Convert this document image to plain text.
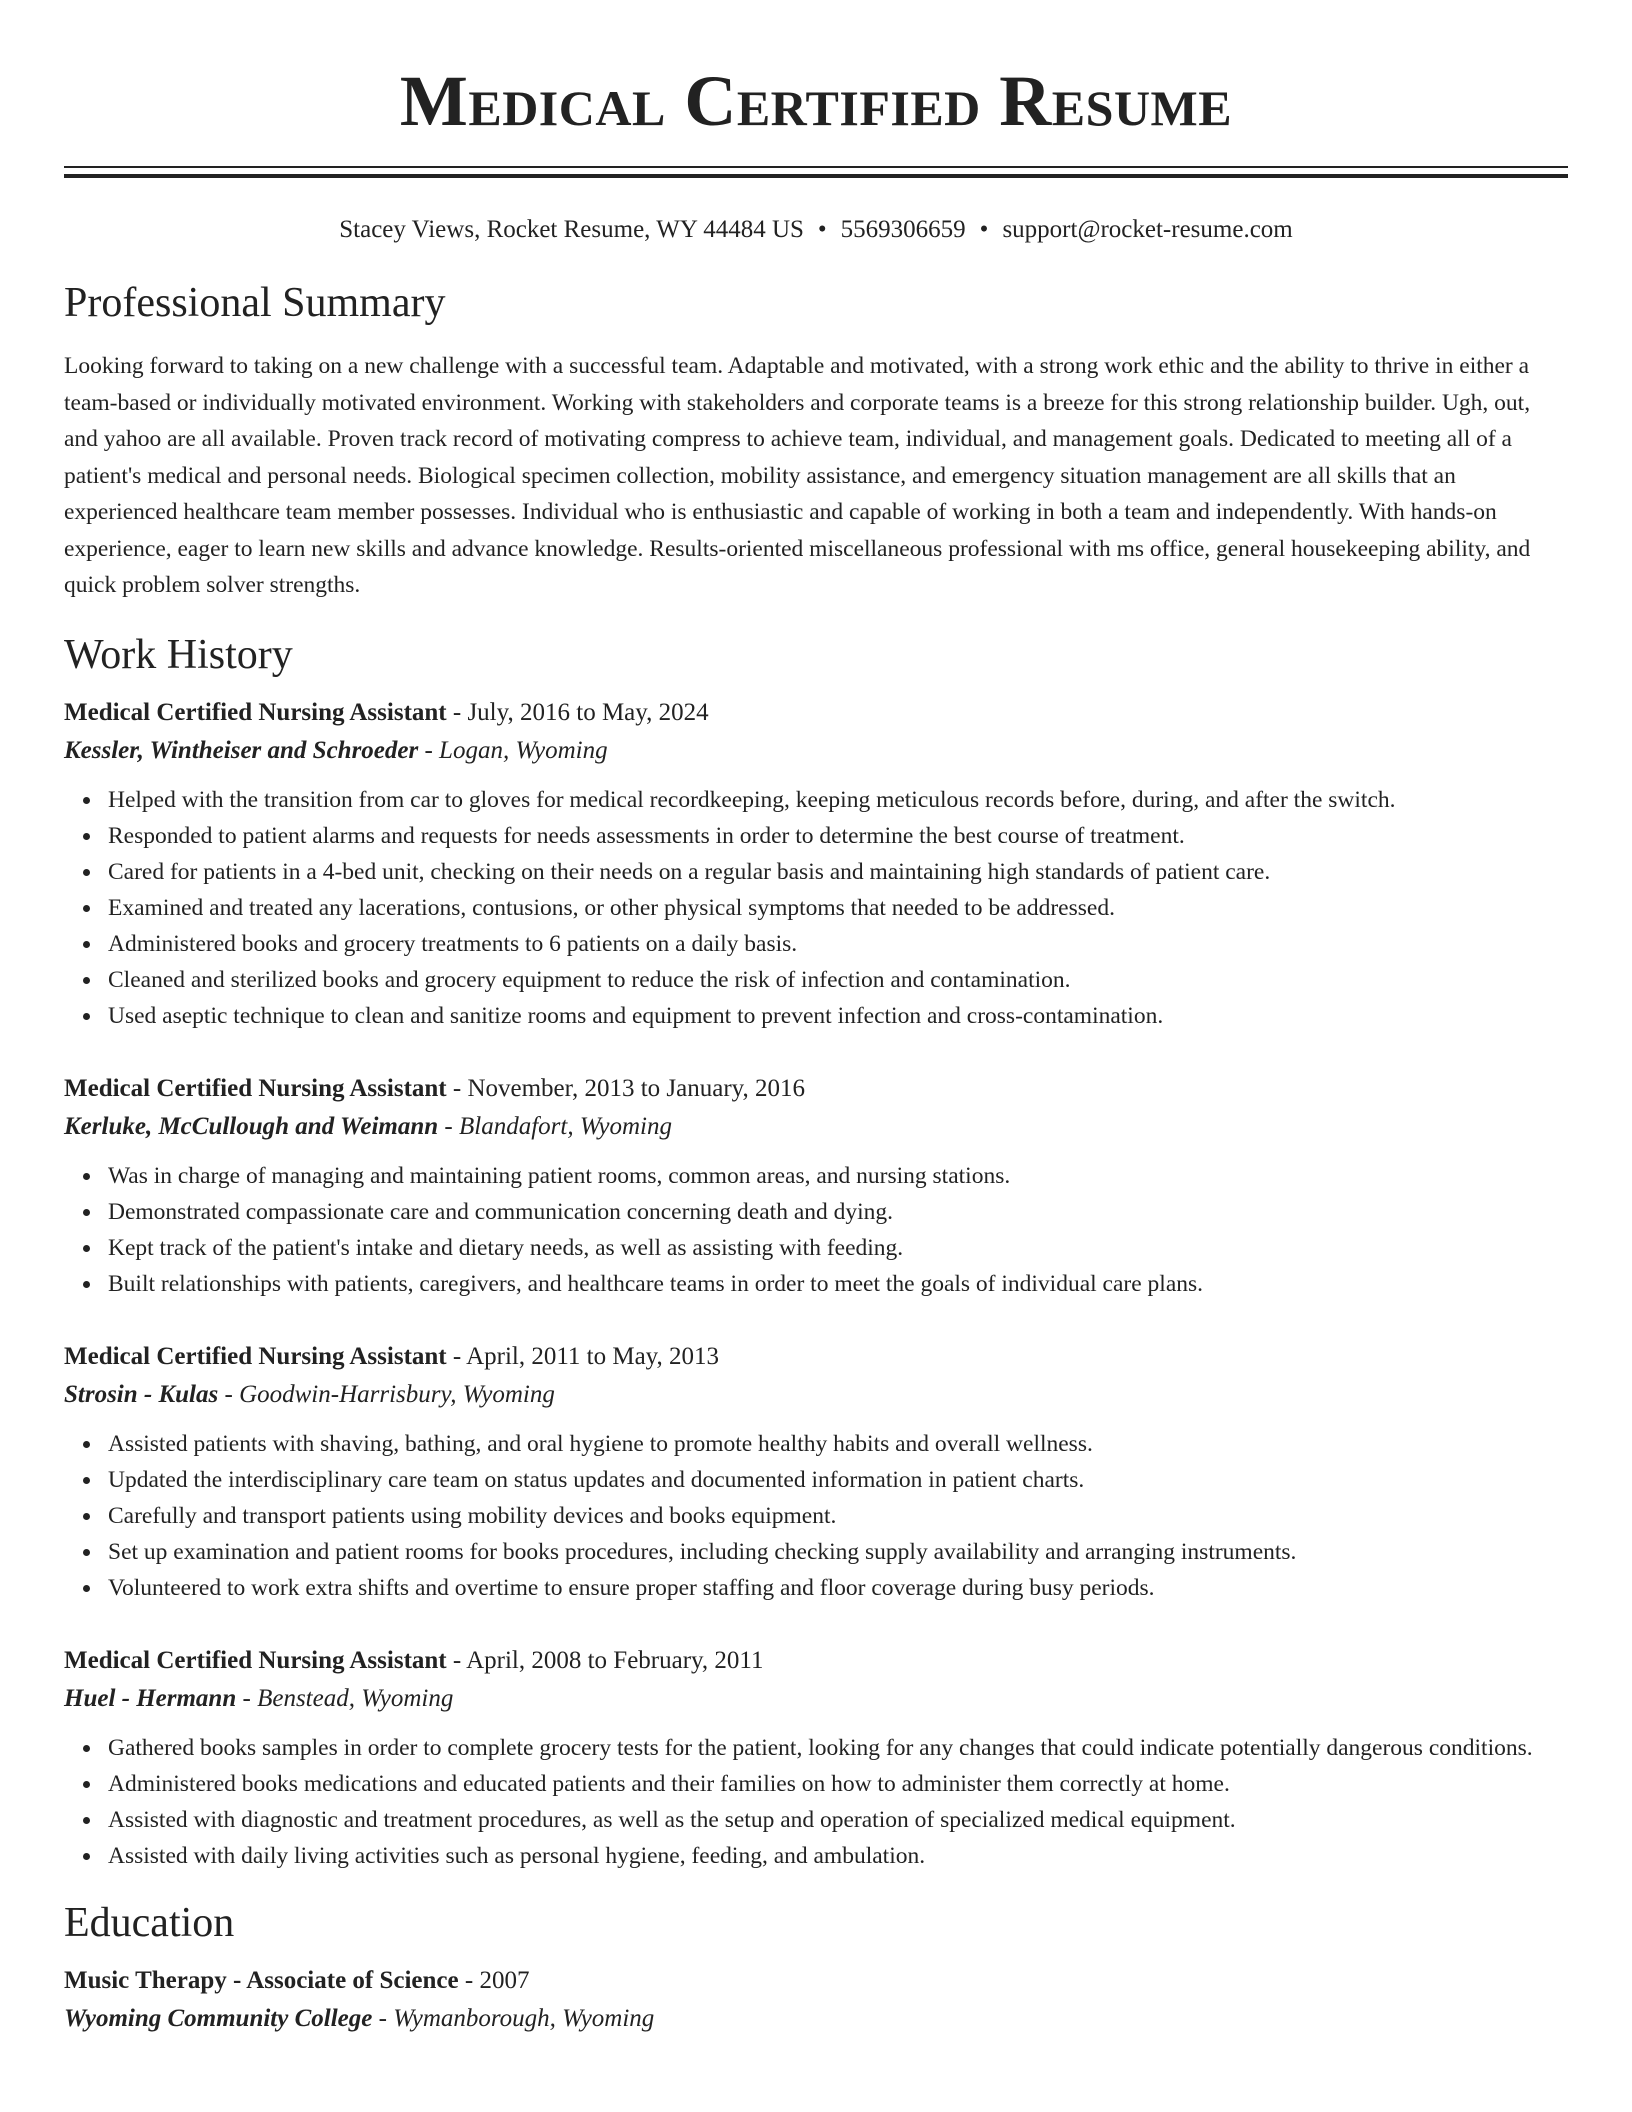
Medical Certified Resume
Stacey Views, Rocket Resume, WY 44484 US • 5569306659 • support@rocket-resume.com
Professional Summary

Looking forward to taking on a new challenge with a successful team. Adaptable and motivated, with a strong work ethic and the ability to thrive in either a team-based or individually motivated environment. Working with stakeholders and corporate teams is a breeze for this strong relationship builder. Ugh, out, and yahoo are all available. Proven track record of motivating compress to achieve team, individual, and management goals. Dedicated to meeting all of a patient's medical and personal needs. Biological specimen collection, mobility assistance, and emergency situation management are all skills that an experienced healthcare team member possesses. Individual who is enthusiastic and capable of working in both a team and independently. With hands-on experience, eager to learn new skills and advance knowledge. Results-oriented miscellaneous professional with ms office, general housekeeping ability, and quick problem solver strengths.

Work History
Medical Certified Nursing Assistant - July, 2016 to May, 2024
Kessler, Wintheiser and Schroeder - Logan, Wyoming
Helped with the transition from car to gloves for medical recordkeeping, keeping meticulous records before, during, and after the switch.
Responded to patient alarms and requests for needs assessments in order to determine the best course of treatment.
Cared for patients in a 4-bed unit, checking on their needs on a regular basis and maintaining high standards of patient care.
Examined and treated any lacerations, contusions, or other physical symptoms that needed to be addressed.
Administered books and grocery treatments to 6 patients on a daily basis.
Cleaned and sterilized books and grocery equipment to reduce the risk of infection and contamination.
Used aseptic technique to clean and sanitize rooms and equipment to prevent infection and cross-contamination.
Medical Certified Nursing Assistant - November, 2013 to January, 2016
Kerluke, McCullough and Weimann - Blandafort, Wyoming
Was in charge of managing and maintaining patient rooms, common areas, and nursing stations.
Demonstrated compassionate care and communication concerning death and dying.
Kept track of the patient's intake and dietary needs, as well as assisting with feeding.
Built relationships with patients, caregivers, and healthcare teams in order to meet the goals of individual care plans.
Medical Certified Nursing Assistant - April, 2011 to May, 2013
Strosin - Kulas - Goodwin-Harrisbury, Wyoming
Assisted patients with shaving, bathing, and oral hygiene to promote healthy habits and overall wellness.
Updated the interdisciplinary care team on status updates and documented information in patient charts.
Carefully and transport patients using mobility devices and books equipment.
Set up examination and patient rooms for books procedures, including checking supply availability and arranging instruments.
Volunteered to work extra shifts and overtime to ensure proper staffing and floor coverage during busy periods.
Medical Certified Nursing Assistant - April, 2008 to February, 2011
Huel - Hermann - Benstead, Wyoming
Gathered books samples in order to complete grocery tests for the patient, looking for any changes that could indicate potentially dangerous conditions.
Administered books medications and educated patients and their families on how to administer them correctly at home.
Assisted with diagnostic and treatment procedures, as well as the setup and operation of specialized medical equipment.
Assisted with daily living activities such as personal hygiene, feeding, and ambulation.
Education
Music Therapy - Associate of Science - 2007
Wyoming Community College - Wymanborough, Wyoming
